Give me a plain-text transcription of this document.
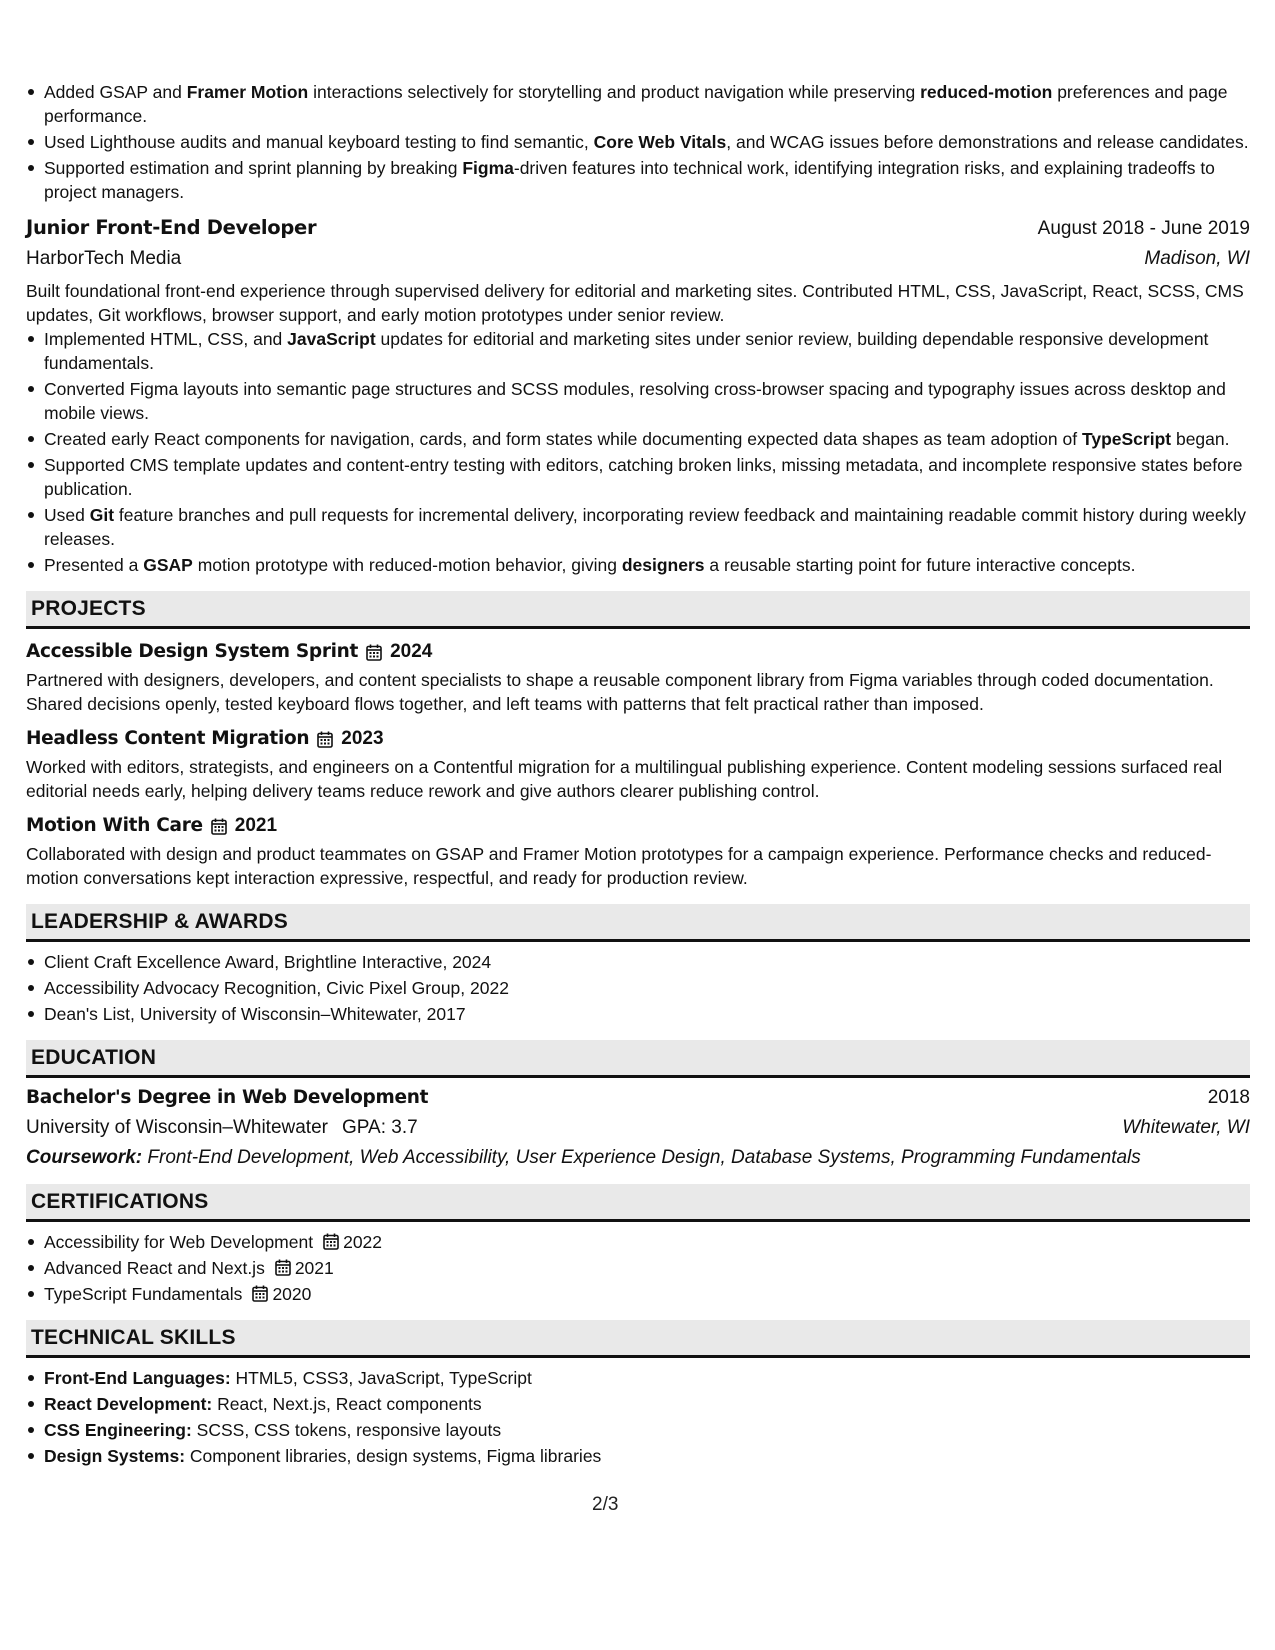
Added GSAP and Framer Motion interactions selectively for storytelling and product navigation while preserving reduced-motion preferences and page performance.
Used Lighthouse audits and manual keyboard testing to find semantic, Core Web Vitals, and WCAG issues before demonstrations and release candidates.
Supported estimation and sprint planning by breaking Figma-driven features into technical work, identifying integration risks, and explaining tradeoffs to project managers.
Junior Front-End Developer	August 2018 - June 2019
HarborTech Media	Madison, WI

Built foundational front-end experience through supervised delivery for editorial and marketing sites. Contributed HTML, CSS, JavaScript, React, SCSS, CMS updates, Git workflows, browser support, and early motion prototypes under senior review.

Implemented HTML, CSS, and JavaScript updates for editorial and marketing sites under senior review, building dependable responsive development fundamentals.
Converted Figma layouts into semantic page structures and SCSS modules, resolving cross-browser spacing and typography issues across desktop and mobile views.
Created early React components for navigation, cards, and form states while documenting expected data shapes as team adoption of TypeScript began.
Supported CMS template updates and content-entry testing with editors, catching broken links, missing metadata, and incomplete responsive states before publication.
Used Git feature branches and pull requests for incremental delivery, incorporating review feedback and maintaining readable commit history during weekly releases.
Presented a GSAP motion prototype with reduced-motion behavior, giving designers a reusable starting point for future interactive concepts.
PROJECTS
Accessible Design System Sprint 2024

Partnered with designers, developers, and content specialists to shape a reusable component library from Figma variables through coded documentation. Shared decisions openly, tested keyboard flows together, and left teams with patterns that felt practical rather than imposed.

Headless Content Migration 2023

Worked with editors, strategists, and engineers on a Contentful migration for a multilingual publishing experience. Content modeling sessions surfaced real editorial needs early, helping delivery teams reduce rework and give authors clearer publishing control.

Motion With Care 2021

Collaborated with design and product teammates on GSAP and Framer Motion prototypes for a campaign experience. Performance checks and reduced-motion conversations kept interaction expressive, respectful, and ready for production review.

LEADERSHIP & AWARDS
Client Craft Excellence Award, Brightline Interactive, 2024
Accessibility Advocacy Recognition, Civic Pixel Group, 2022
Dean's List, University of Wisconsin–Whitewater, 2017
EDUCATION
Bachelor's Degree in Web Development	2018
University of Wisconsin–Whitewater GPA: 3.7	Whitewater, WI

Coursework: Front-End Development, Web Accessibility, User Experience Design, Database Systems, Programming Fundamentals

CERTIFICATIONS
Accessibility for Web Development 2022
Advanced React and Next.js 2021
TypeScript Fundamentals 2020
TECHNICAL SKILLS
Front-End Languages: HTML5, CSS3, JavaScript, TypeScript
React Development: React, Next.js, React components
CSS Engineering: SCSS, CSS tokens, responsive layouts
Design Systems: Component libraries, design systems, Figma libraries
2/3
